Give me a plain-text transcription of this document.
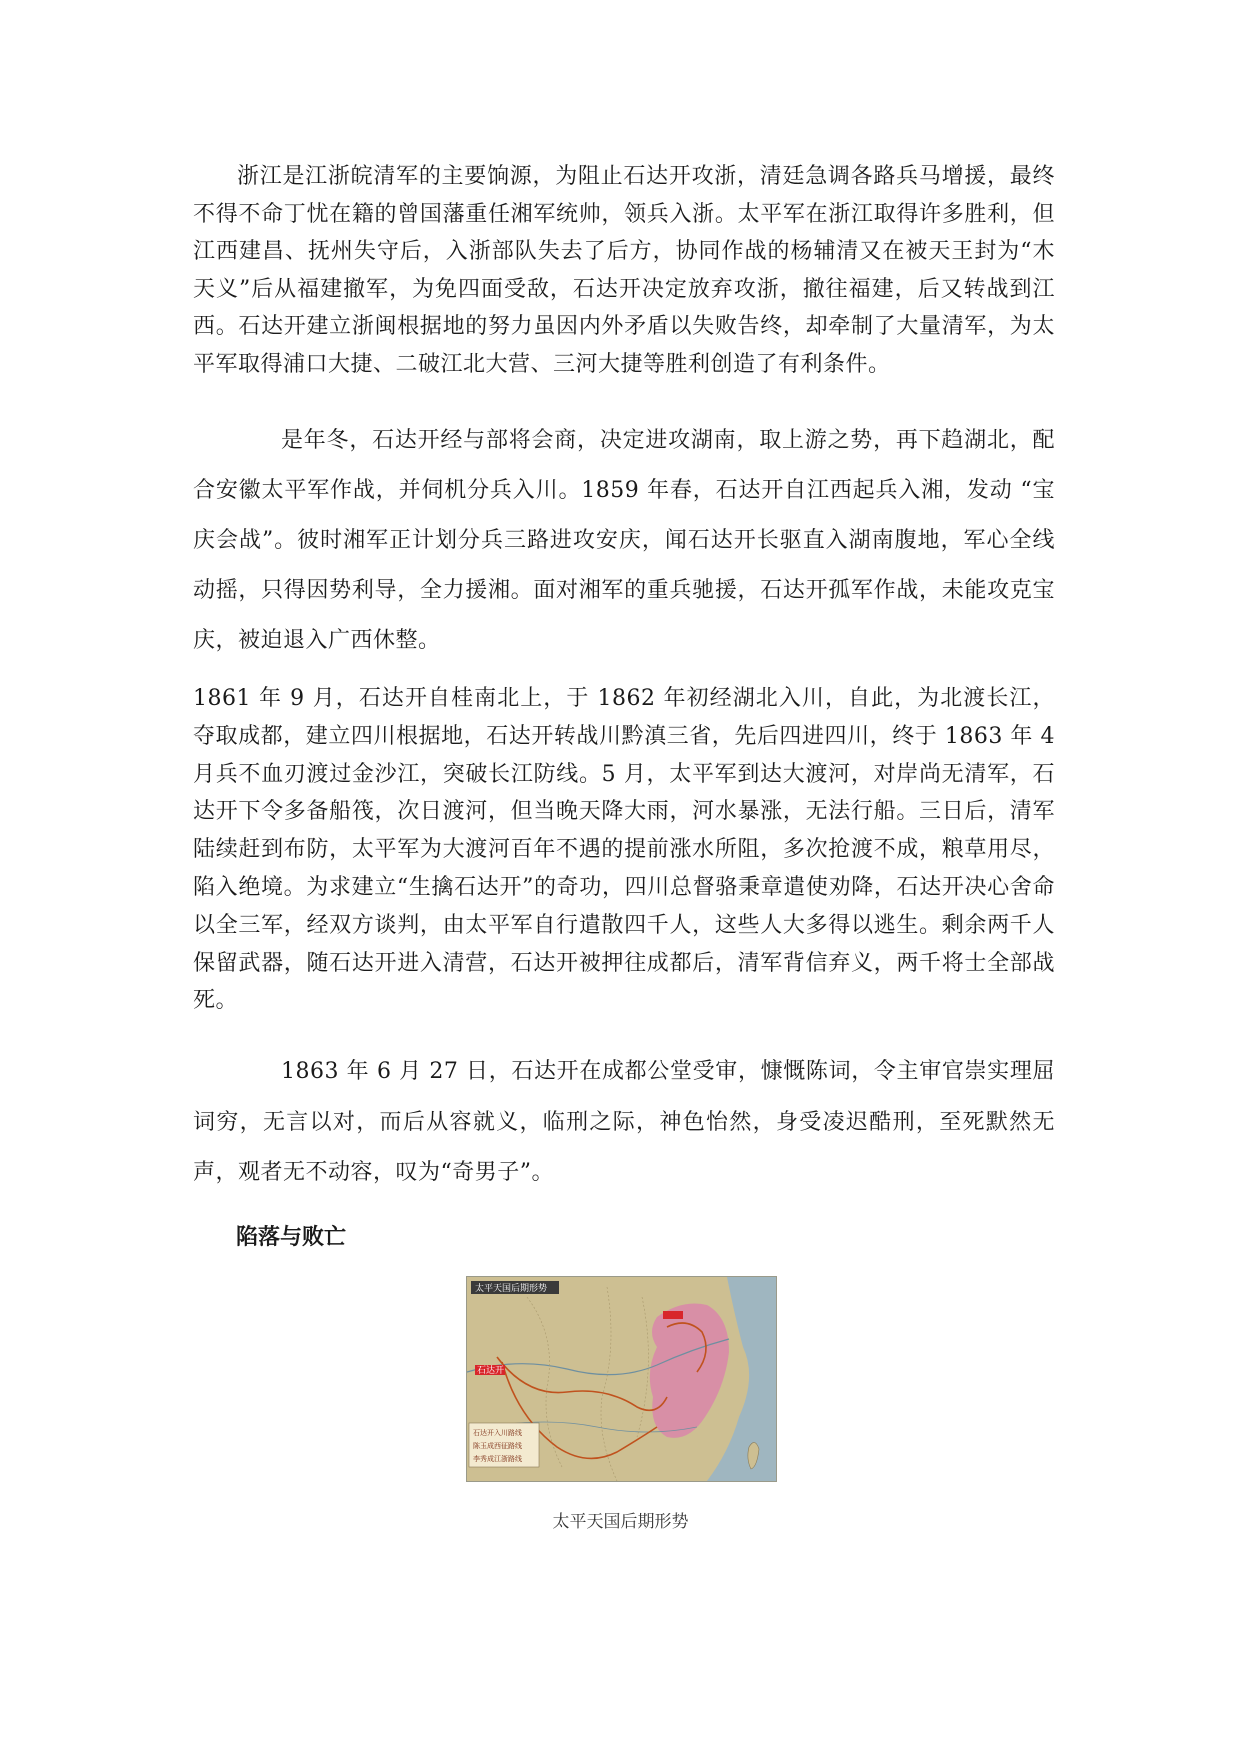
浙江是江浙皖清军的主要饷源，为阻止石达开攻浙，清廷急调各路兵马增援，最终不得不命丁忧在籍的曾国藩重任湘军统帅，领兵入浙。太平军在浙江取得许多胜利，但江西建昌、抚州失守后，入浙部队失去了后方，协同作战的杨辅清又在被天王封为“木天义”后从福建撤军，为免四面受敌，石达开决定放弃攻浙，撤往福建，后又转战到江西。石达开建立浙闽根据地的努力虽因内外矛盾以失败告终，却牵制了大量清军，为太平军取得浦口大捷、二破江北大营、三河大捷等胜利创造了有利条件。

是年冬，石达开经与部将会商，决定进攻湖南，取上游之势，再下趋湖北，配合安徽太平军作战，并伺机分兵入川。1859 年春，石达开自江西起兵入湘，发动 “宝庆会战”。彼时湘军正计划分兵三路进攻安庆，闻石达开长驱直入湖南腹地，军心全线动摇，只得因势利导，全力援湘。面对湘军的重兵驰援，石达开孤军作战，未能攻克宝庆，被迫退入广西休整。

1861 年 9 月，石达开自桂南北上，于 1862 年初经湖北入川，自此，为北渡长江，夺取成都，建立四川根据地，石达开转战川黔滇三省，先后四进四川，终于 1863 年 4 月兵不血刃渡过金沙江，突破长江防线。5 月，太平军到达大渡河，对岸尚无清军，石达开下令多备船筏，次日渡河，但当晚天降大雨，河水暴涨，无法行船。三日后，清军陆续赶到布防，太平军为大渡河百年不遇的提前涨水所阻，多次抢渡不成，粮草用尽，陷入绝境。为求建立“生擒石达开”的奇功，四川总督骆秉章遣使劝降，石达开决心舍命以全三军，经双方谈判，由太平军自行遣散四千人，这些人大多得以逃生。剩余两千人保留武器，随石达开进入清营，石达开被押往成都后，清军背信弃义，两千将士全部战死。

1863 年 6 月 27 日，石达开在成都公堂受审，慷慨陈词，令主审官崇实理屈词穷，无言以对，而后从容就义，临刑之际，神色怡然，身受凌迟酷刑，至死默然无声，观者无不动容，叹为“奇男子”。

陷落与败亡
太平天国后期形势
石达开
石达开入川路线
陈玉成西征路线
李秀成江浙路线

太平天国后期形势
